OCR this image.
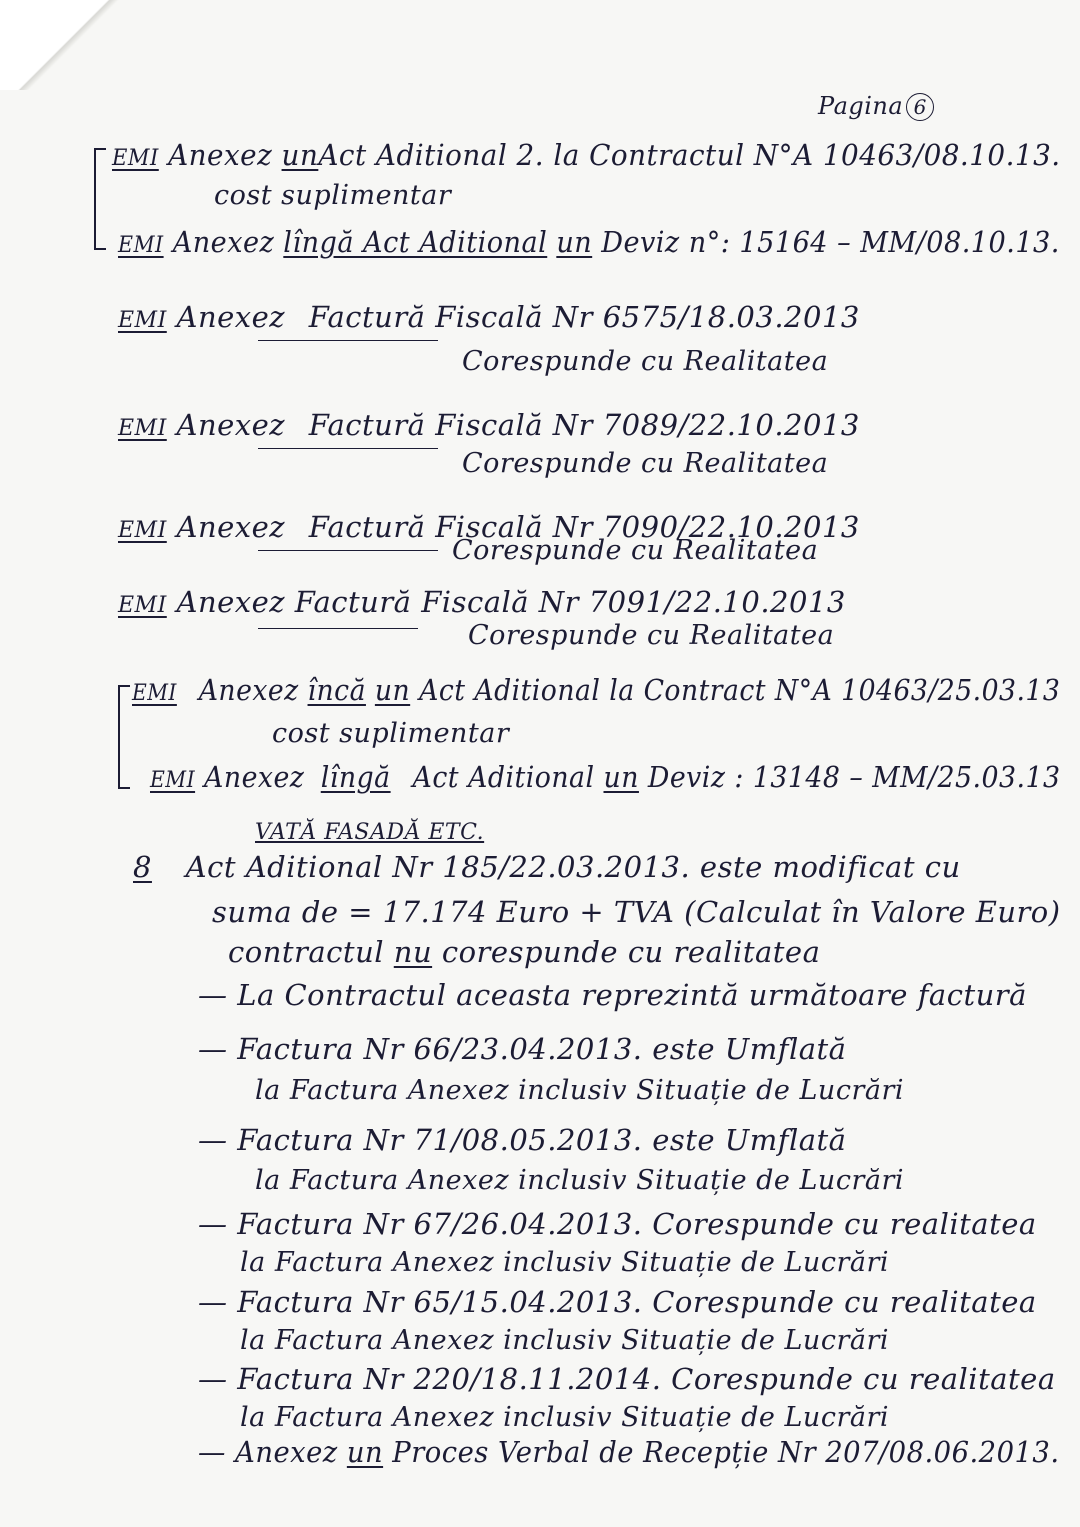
Pagina 6
EMI Anexez unAct Aditional 2. la Contractul N°A 10463/08.10.13.
cost suplimentar
EMI Anexez lîngă Act Aditional un Deviz n°: 15164 – MM/08.10.13.
EMI Anexez Factură Fiscală Nr 6575/18.03.2013
Corespunde cu Realitatea
EMI Anexez Factură Fiscală Nr 7089/22.10.2013
Corespunde cu Realitatea
EMI Anexez Factură Fiscală Nr 7090/22.10.2013
Corespunde cu Realitatea
EMI Anexez Factură Fiscală Nr 7091/22.10.2013
Corespunde cu Realitatea
EMI Anexez încă un Act Aditional la Contract N°A 10463/25.03.13
cost suplimentar
EMI Anexez lîngă Act Aditional un Deviz : 13148 – MM/25.03.13
VATĂ FASADĂ ETC.
8 Act Aditional Nr 185/22.03.2013. este modificat cu
suma de = 17.174 Euro + TVA (Calculat în Valore Euro)
contractul nu corespunde cu realitatea
— La Contractul aceasta reprezintă următoare factură
— Factura Nr 66/23.04.2013. este Umflată
la Factura Anexez inclusiv Situație de Lucrări
— Factura Nr 71/08.05.2013. este Umflată
la Factura Anexez inclusiv Situație de Lucrări
— Factura Nr 67/26.04.2013. Corespunde cu realitatea
la Factura Anexez inclusiv Situație de Lucrări
— Factura Nr 65/15.04.2013. Corespunde cu realitatea
la Factura Anexez inclusiv Situație de Lucrări
— Factura Nr 220/18.11.2014. Corespunde cu realitatea
la Factura Anexez inclusiv Situație de Lucrări
— Anexez un Proces Verbal de Recepție Nr 207/08.06.2013.
